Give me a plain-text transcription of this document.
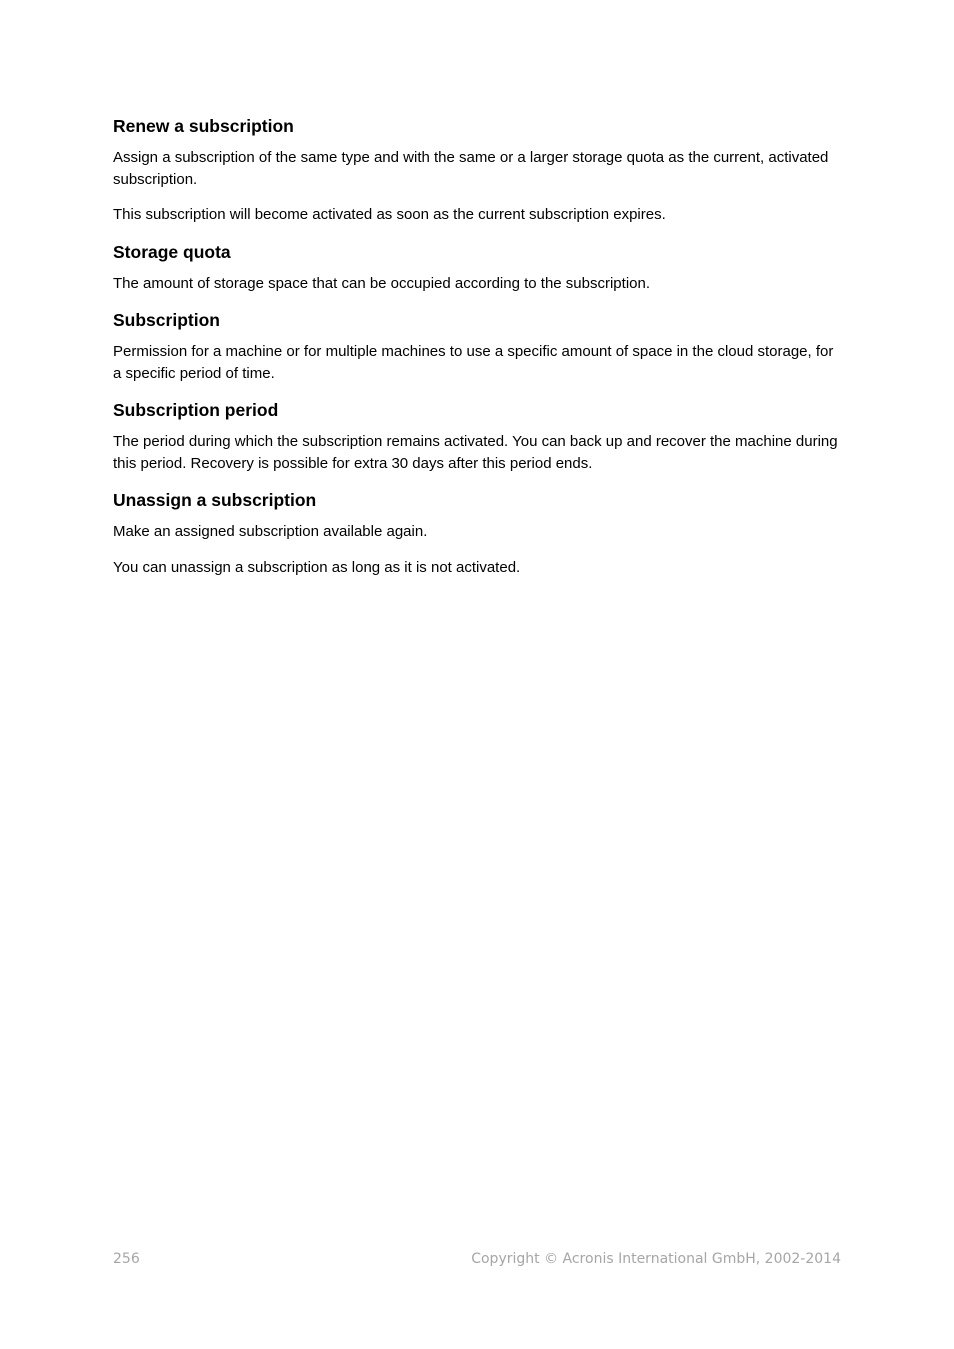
Renew a subscription

Assign a subscription of the same type and with the same or a larger storage quota as the current, activated subscription.

This subscription will become activated as soon as the current subscription expires.

Storage quota

The amount of storage space that can be occupied according to the subscription.

Subscription

Permission for a machine or for multiple machines to use a specific amount of space in the cloud storage, for a specific period of time.

Subscription period

The period during which the subscription remains activated. You can back up and recover the machine during this period. Recovery is possible for extra 30 days after this period ends.

Unassign a subscription

Make an assigned subscription available again.

You can unassign a subscription as long as it is not activated.

256	Copyright © Acronis International GmbH, 2002-2014
